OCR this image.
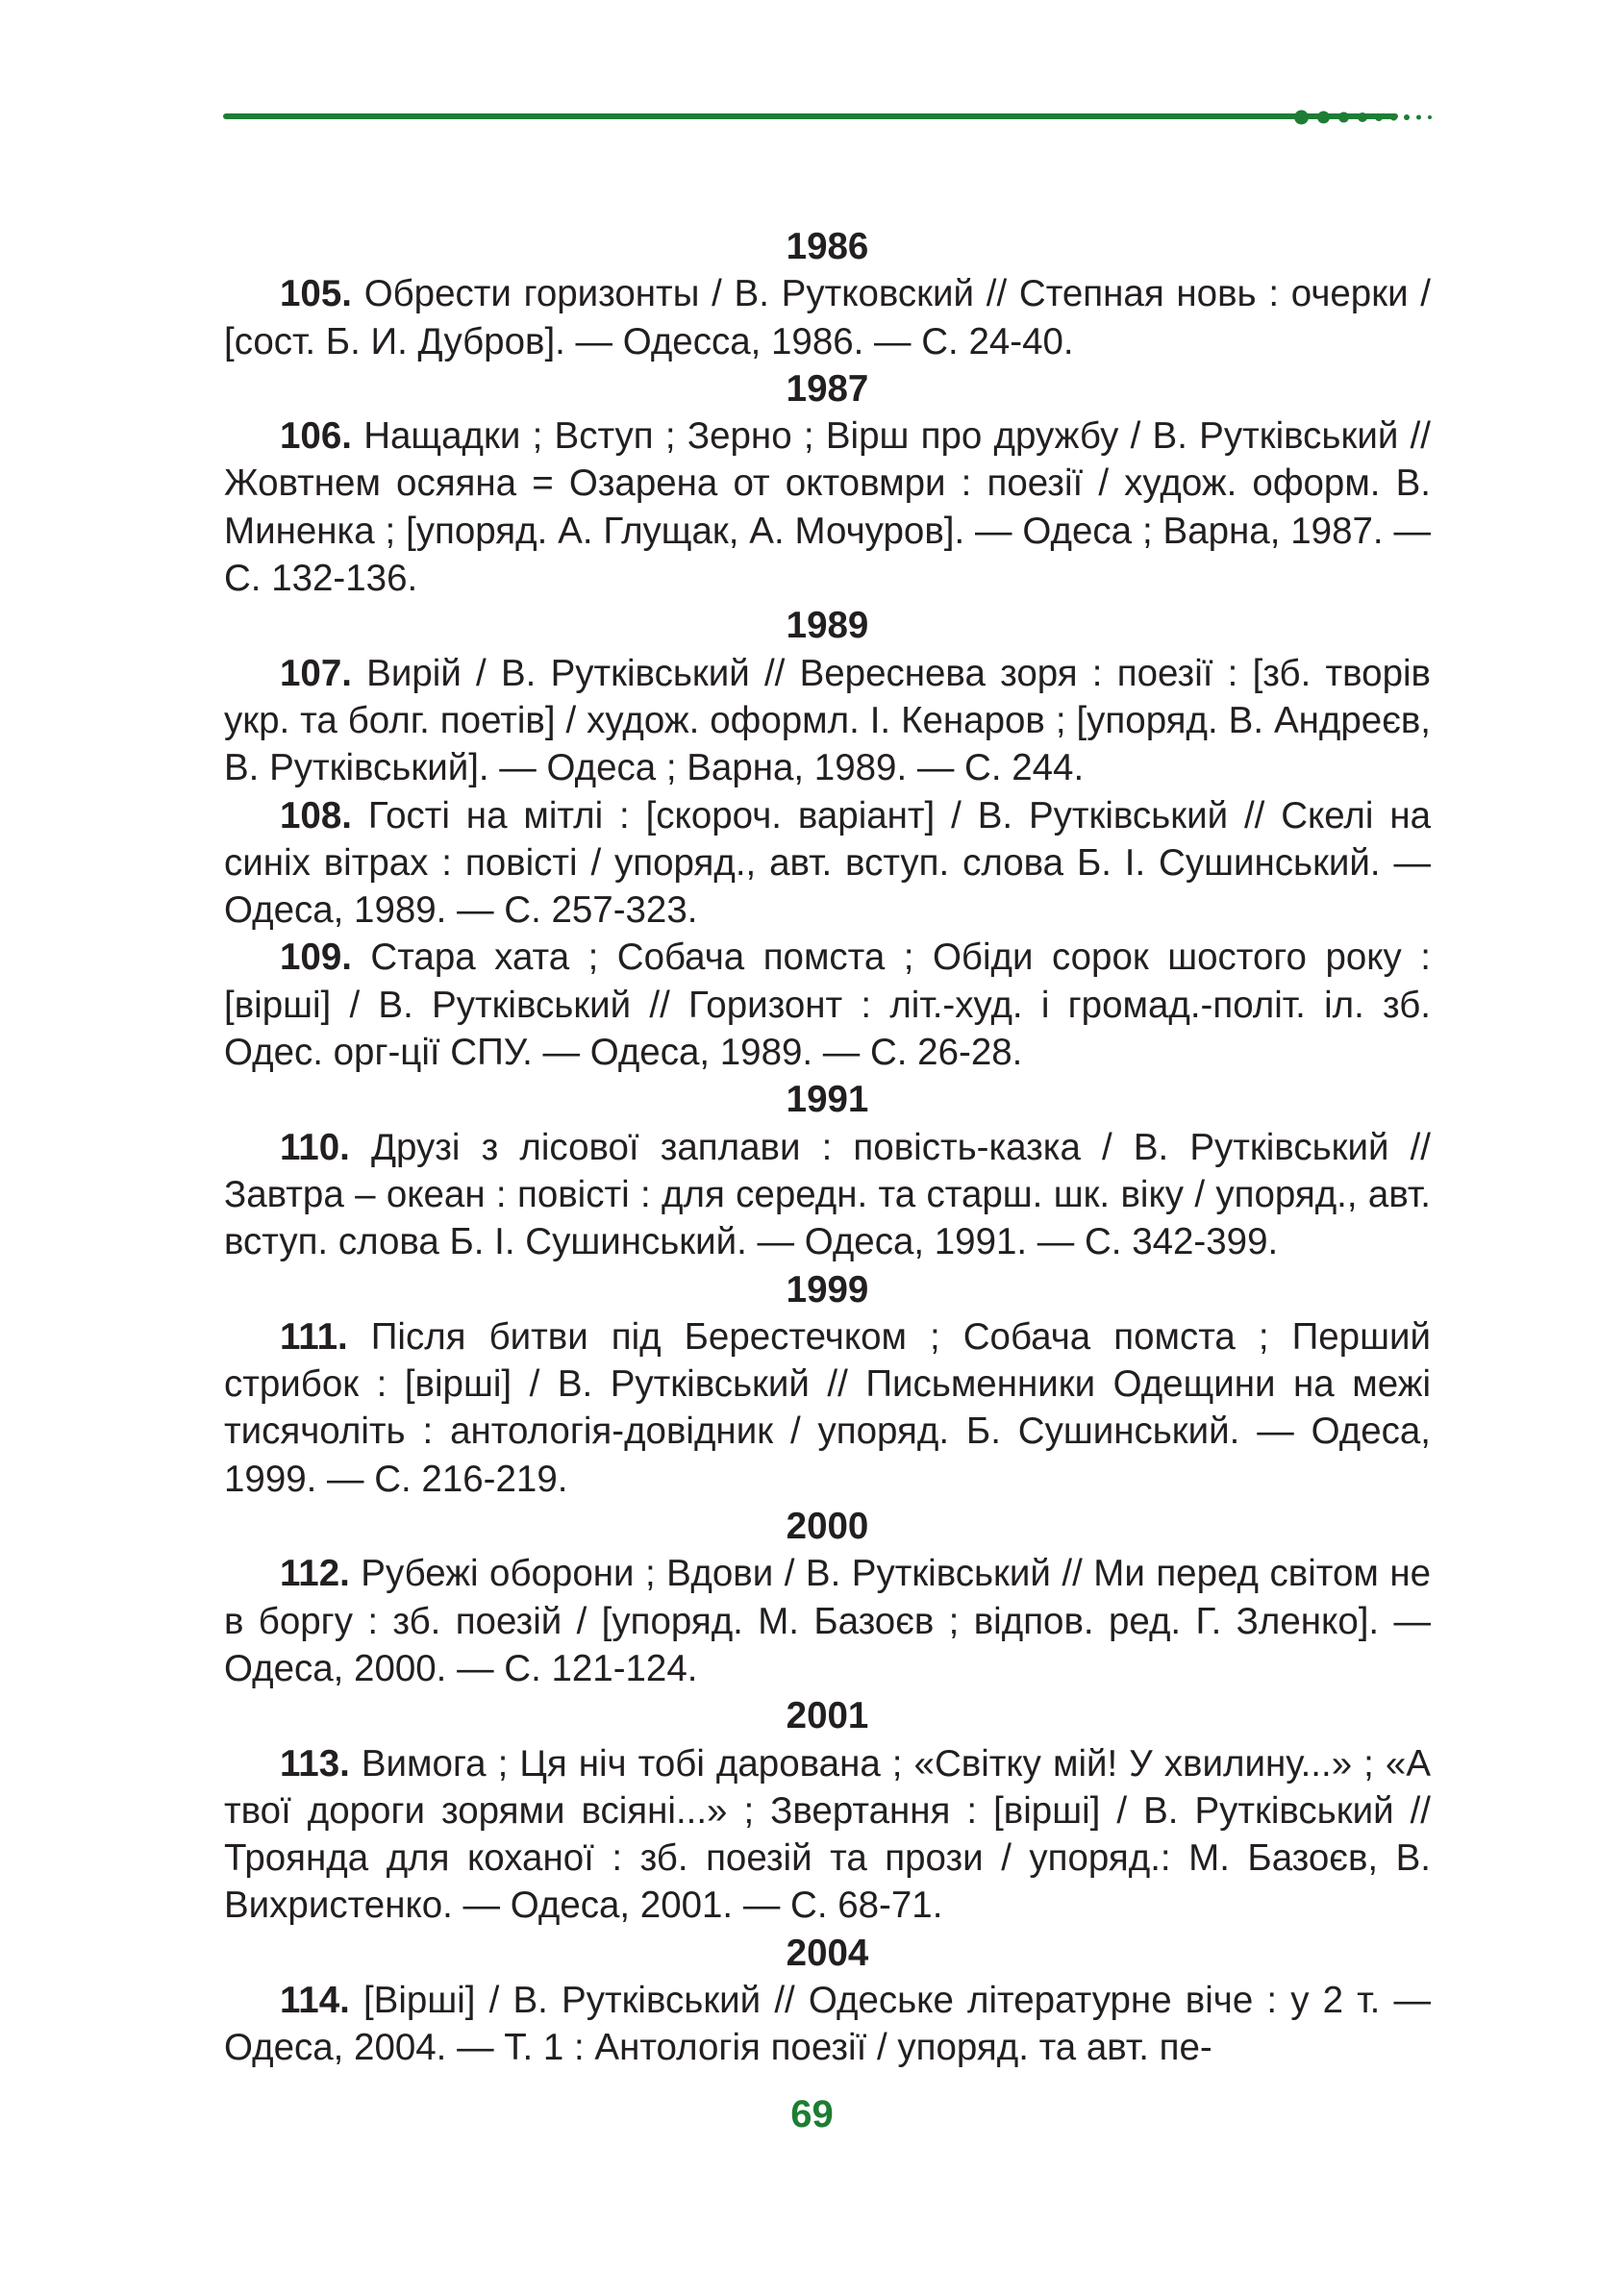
1986

105. Обрести горизонты / В. Рутковский // Степная новь : очерки / [сост. Б. И. Дубров]. — Одесса, 1986. — С. 24-40.

1987

106. Нащадки ; Вступ ; Зерно ; Вірш про дружбу / В. Рутківський // Жовтнем осяяна = Озарена от октовмри : поезії / худож. оформ. В. Миненка ; [упоряд. А. Глущак, А. Мочуров]. — Одеса ; Варна, 1987. — С. 132-136.

1989

107. Вирій / В. Рутківський // Вереснева зоря : поезії : [зб. творів укр. та болг. поетів] / худож. оформл. І. Кенаров ; [упоряд. В. Андреєв, В. Рутківський]. — Одеса ; Варна, 1989. — С. 244.

108. Гості на мітлі : [скороч. варіант] / В. Рутківський // Скелі на синіх вітрах : повісті / упоряд., авт. вступ. слова Б. І. Сушинський. — Одеса, 1989. — С. 257-323.

109. Стара хата ; Собача помста ; Обіди сорок шостого року : [вірші] / В. Рутківський // Горизонт : літ.-худ. і громад.-політ. іл. зб. Одес. орг-ції СПУ. — Одеса, 1989. — С. 26-28.

1991

110. Друзі з лісової заплави : повість-казка / В. Рутківський // Завтра – океан : повісті : для середн. та старш. шк. віку / упоряд., авт. вступ. слова Б. І. Сушинський. — Одеса, 1991. — С. 342-399.

1999

111. Після битви під Берестечком ; Собача помста ; Перший стрибок : [вірші] / В. Рутківський // Письменники Одещини на межі тисячоліть : антологія-довідник / упоряд. Б. Сушинський. — Одеса, 1999. — С. 216-219.

2000

112. Рубежі оборони ; Вдови / В. Рутківський // Ми перед світом не в боргу : зб. поезій / [упоряд. М. Базоєв ; відпов. ред. Г. Зленко]. — Одеса, 2000. — С. 121-124.

2001

113. Вимога ; Ця ніч тобі дарована ; «Світку мій! У хвилину...» ; «А твої дороги зорями всіяні...» ; Звертання : [вірші] / В. Рутківський // Троянда для коханої : зб. поезій та прози / упоряд.: М. Базоєв, В. Вихристенко. — Одеса, 2001. — С. 68-71.

2004

114. [Вірші] / В. Рутківський // Одеське літературне віче : у 2 т. — Одеса, 2004. — Т. 1 : Антологія поезії / упоряд. та авт. пе-

69
